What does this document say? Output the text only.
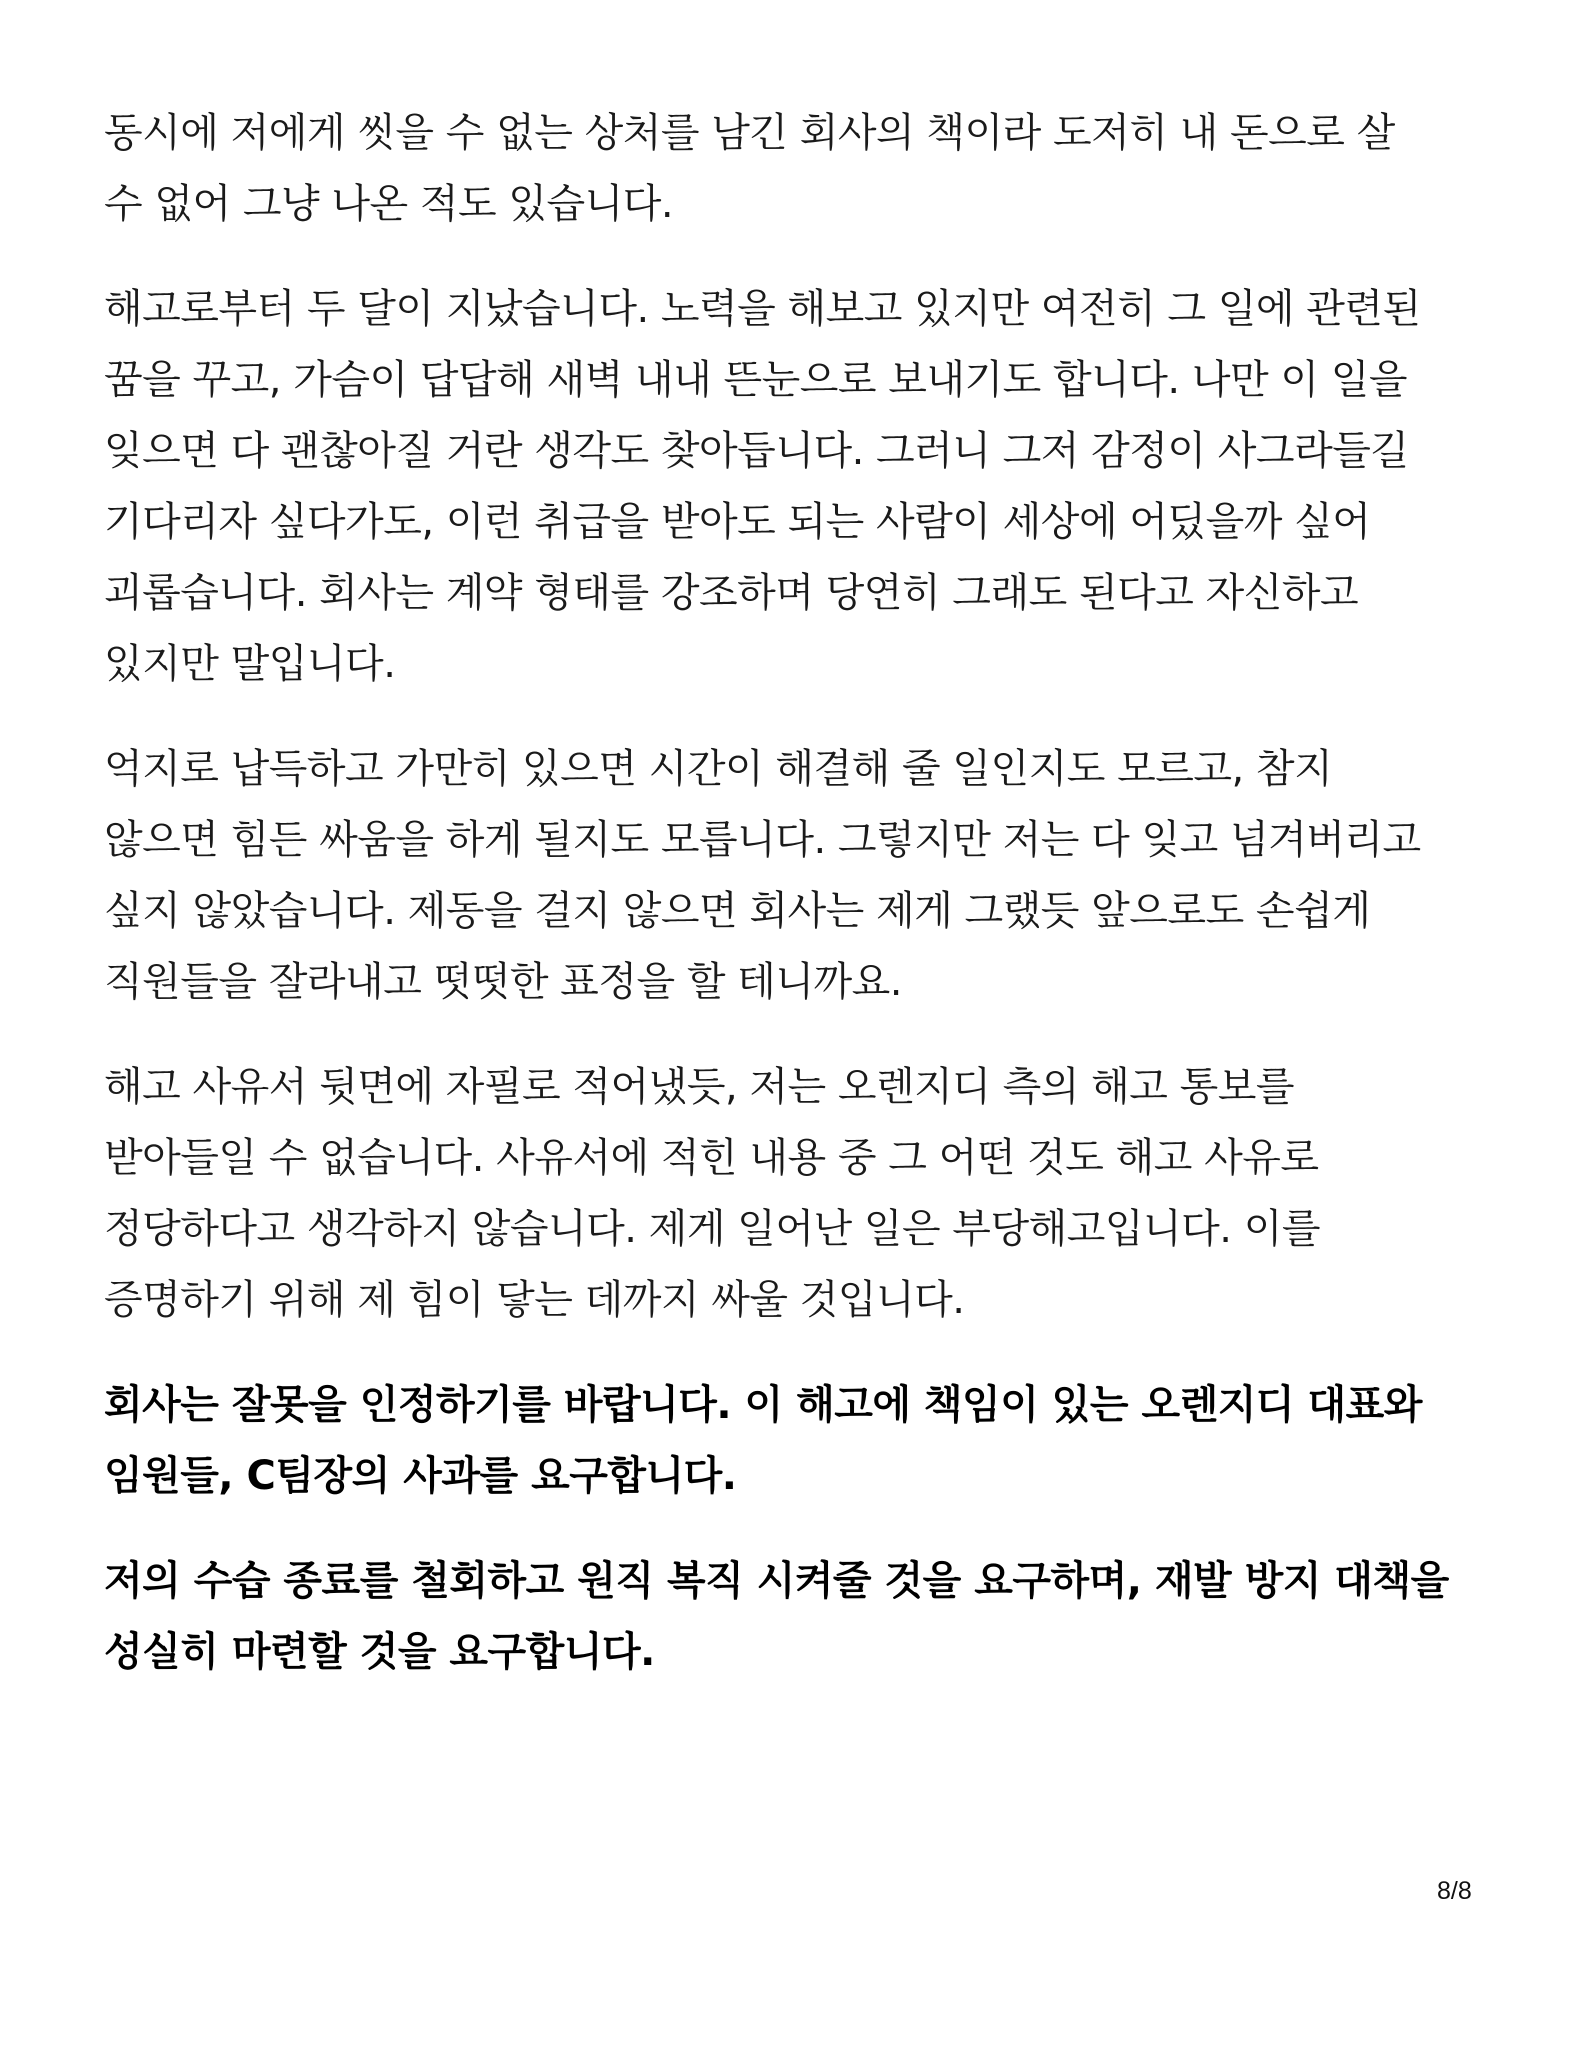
동시에 저에게 씻을 수 없는 상처를 남긴 회사의 책이라 도저히 내 돈으로 살
수 없어 그냥 나온 적도 있습니다.

해고로부터 두 달이 지났습니다. 노력을 해보고 있지만 여전히 그 일에 관련된
꿈을 꾸고, 가슴이 답답해 새벽 내내 뜬눈으로 보내기도 합니다. 나만 이 일을
잊으면 다 괜찮아질 거란 생각도 찾아듭니다. 그러니 그저 감정이 사그라들길
기다리자 싶다가도, 이런 취급을 받아도 되는 사람이 세상에 어딨을까 싶어
괴롭습니다. 회사는 계약 형태를 강조하며 당연히 그래도 된다고 자신하고
있지만 말입니다.

억지로 납득하고 가만히 있으면 시간이 해결해 줄 일인지도 모르고, 참지
않으면 힘든 싸움을 하게 될지도 모릅니다. 그렇지만 저는 다 잊고 넘겨버리고
싶지 않았습니다. 제동을 걸지 않으면 회사는 제게 그랬듯 앞으로도 손쉽게
직원들을 잘라내고 떳떳한 표정을 할 테니까요.

해고 사유서 뒷면에 자필로 적어냈듯, 저는 오렌지디 측의 해고 통보를
받아들일 수 없습니다. 사유서에 적힌 내용 중 그 어떤 것도 해고 사유로
정당하다고 생각하지 않습니다. 제게 일어난 일은 부당해고입니다. 이를
증명하기 위해 제 힘이 닿는 데까지 싸울 것입니다.

회사는 잘못을 인정하기를 바랍니다. 이 해고에 책임이 있는 오렌지디 대표와
임원들, C팀장의 사과를 요구합니다.

저의 수습 종료를 철회하고 원직 복직 시켜줄 것을 요구하며, 재발 방지 대책을
성실히 마련할 것을 요구합니다.

8/8
